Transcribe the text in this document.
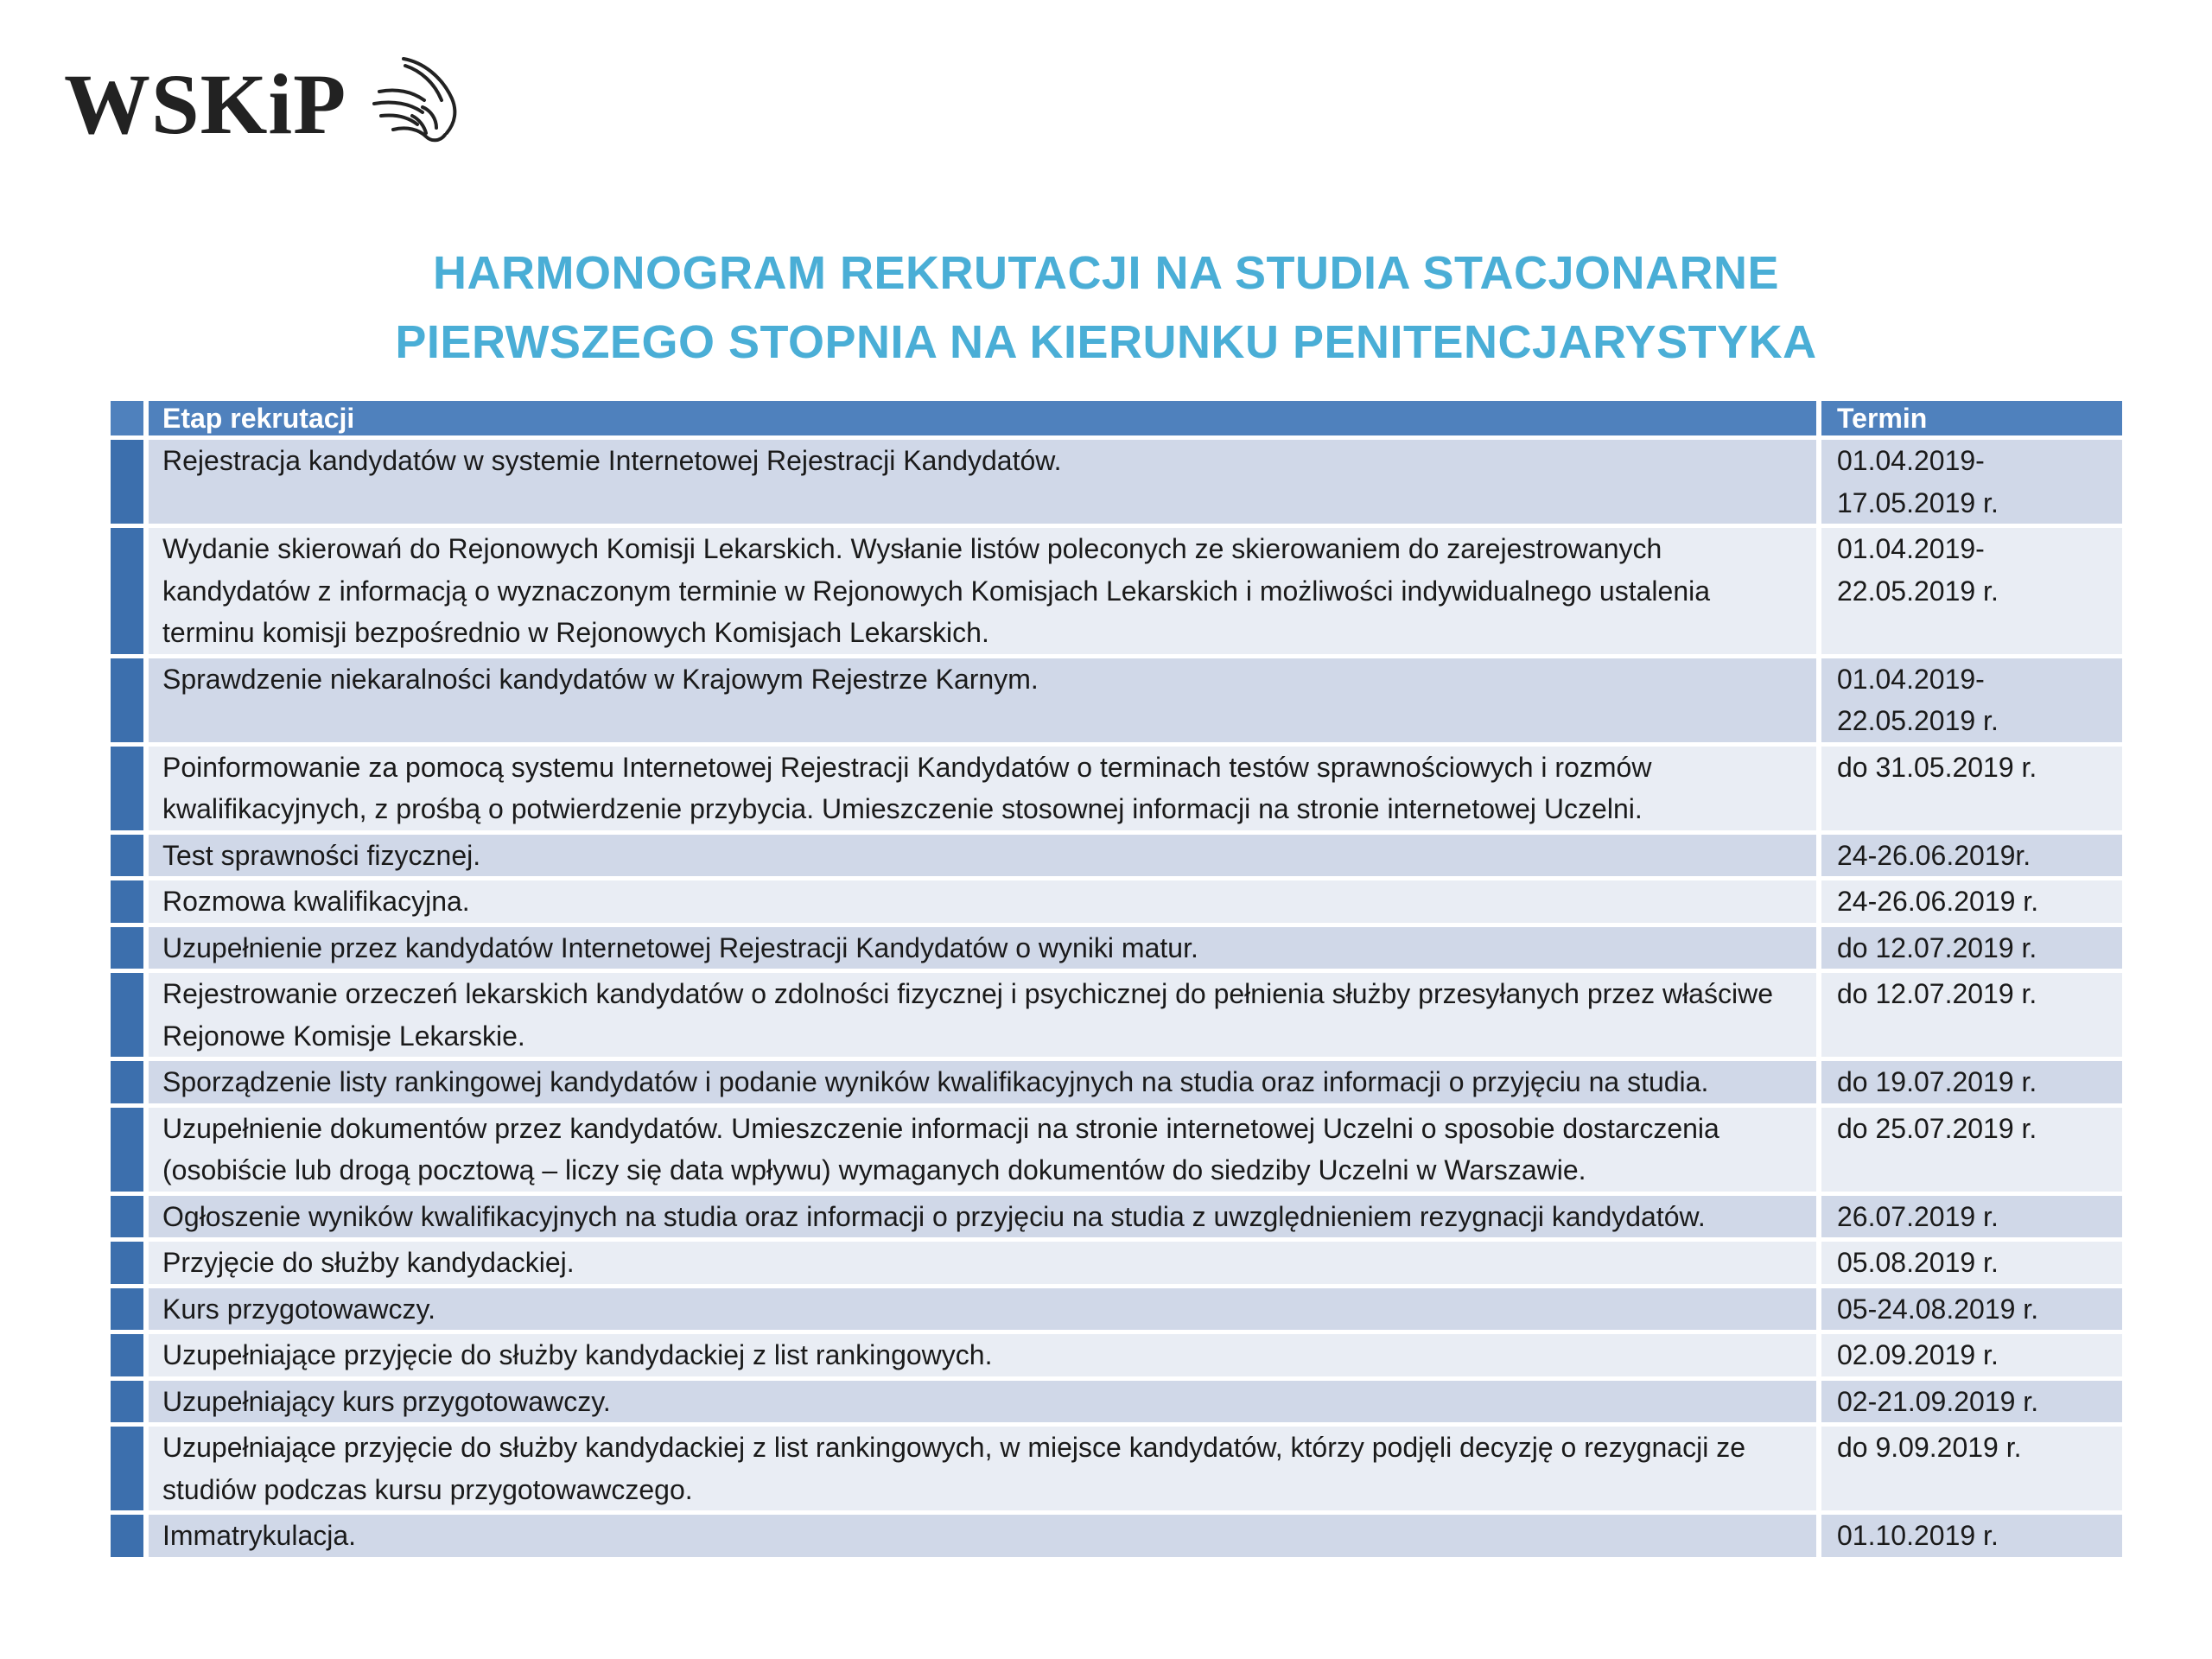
WSKiP
HARMONOGRAM REKRUTACJI NA STUDIA STACJONARNE
PIERWSZEGO STOPNIA NA KIERUNKU PENITENCJARYSTYKA
		Etap rekrutacji		Termin
		Rejestracja kandydatów w systemie Internetowej Rejestracji Kandydatów.		01.04.2019-
17.05.2019 r.
		Wydanie skierowań do Rejonowych Komisji Lekarskich. Wysłanie listów poleconych ze skierowaniem do zarejestrowanych kandydatów z informacją o wyznaczonym terminie w Rejonowych Komisjach Lekarskich i możliwości indywidualnego ustalenia terminu komisji bezpośrednio w Rejonowych Komisjach Lekarskich.		01.04.2019-
22.05.2019 r.
		Sprawdzenie niekaralności kandydatów w Krajowym Rejestrze Karnym.		01.04.2019-
22.05.2019 r.
		Poinformowanie za pomocą systemu Internetowej Rejestracji Kandydatów o terminach testów sprawnościowych i rozmów kwalifikacyjnych, z prośbą o potwierdzenie przybycia. Umieszczenie stosownej informacji na stronie internetowej Uczelni.		do 31.05.2019 r.
		Test sprawności fizycznej.		24-26.06.2019r.
		Rozmowa kwalifikacyjna.		24-26.06.2019 r.
		Uzupełnienie przez kandydatów Internetowej Rejestracji Kandydatów o wyniki matur.		do 12.07.2019 r.
		Rejestrowanie orzeczeń lekarskich kandydatów o zdolności fizycznej i psychicznej do pełnienia służby przesyłanych przez właściwe Rejonowe Komisje Lekarskie.		do 12.07.2019 r.
		Sporządzenie listy rankingowej kandydatów i podanie wyników kwalifikacyjnych na studia oraz informacji o przyjęciu na studia.		do 19.07.2019 r.
		Uzupełnienie dokumentów przez kandydatów. Umieszczenie informacji na stronie internetowej Uczelni o sposobie dostarczenia (osobiście lub drogą pocztową – liczy się data wpływu) wymaganych dokumentów do siedziby Uczelni w Warszawie.		do 25.07.2019 r.
		Ogłoszenie wyników kwalifikacyjnych na studia oraz informacji o przyjęciu na studia z uwzględnieniem rezygnacji kandydatów.		26.07.2019 r.
		Przyjęcie do służby kandydackiej.		05.08.2019 r.
		Kurs przygotowawczy.		05-24.08.2019 r.
		Uzupełniające przyjęcie do służby kandydackiej z list rankingowych.		02.09.2019 r.
		Uzupełniający kurs przygotowawczy.		02-21.09.2019 r.
		Uzupełniające przyjęcie do służby kandydackiej z list rankingowych, w miejsce kandydatów, którzy podjęli decyzję o rezygnacji ze studiów podczas kursu przygotowawczego.		do 9.09.2019 r.
		Immatrykulacja.		01.10.2019 r.
